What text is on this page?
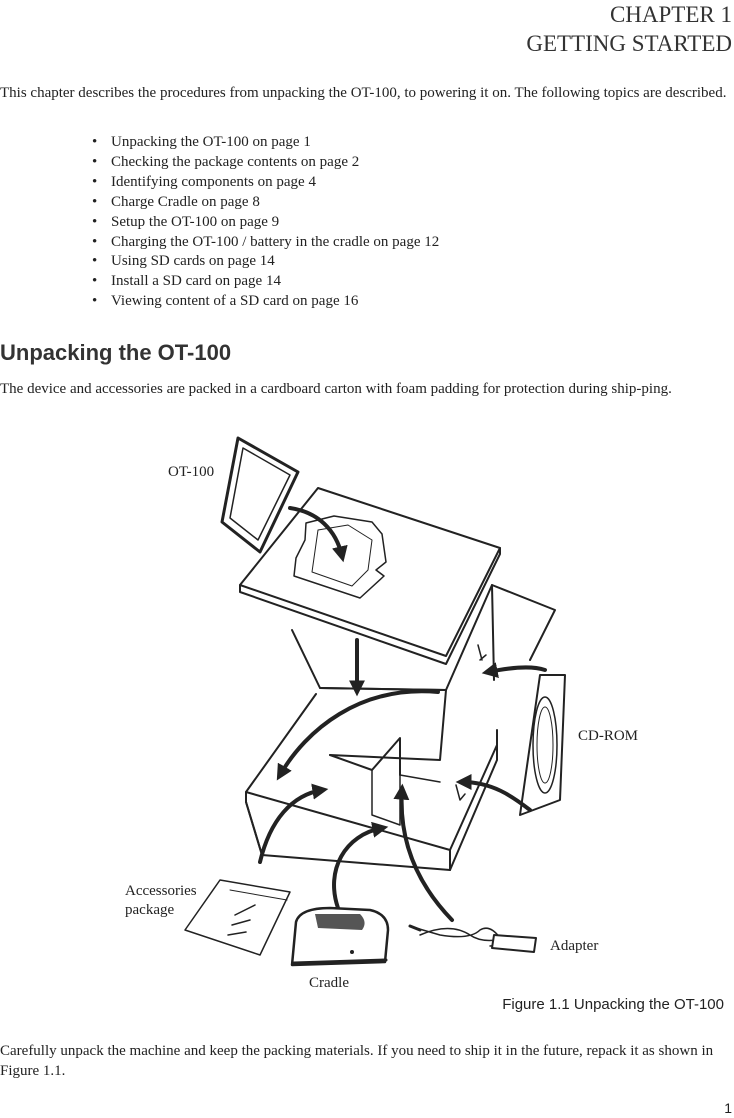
CHAPTER 1
GETTING STARTED

This chapter describes the procedures from unpacking the OT-100, to powering it on. The following topics are described.

• Unpacking the OT-100 on page 1
• Checking the package contents on page 2
• Identifying components on page 4
• Charge Cradle on page 8
• Setup the OT-100 on page 9
• Charging the OT-100 / battery in the cradle on page 12
• Using SD cards on page 14
• Install a SD card on page 14
• Viewing content of a SD card on page 16
Unpacking the OT-100

The device and accessories are packed in a cardboard carton with foam padding for protection during ship-ping.

OT-100
CD-ROM
Accessories package
Adapter
Cradle
Figure 1.1 Unpacking the OT-100

Carefully unpack the machine and keep the packing materials. If you need to ship it in the future, repack it as shown in Figure 1.1.

1
